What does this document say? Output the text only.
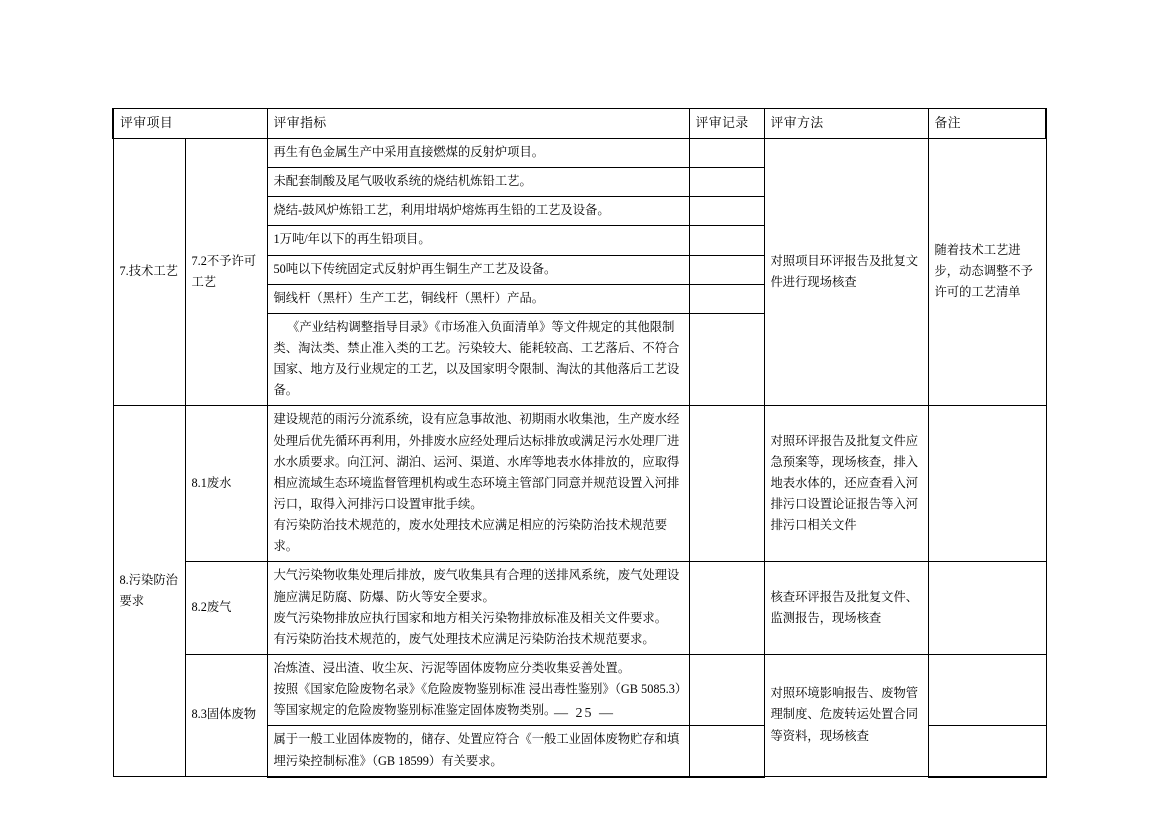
评审项目		评审指标	评审记录	评审方法	备注
7.技术工艺	7.2不予许可工艺	再生有色金属生产中采用直接燃煤的反射炉项目。		对照项目环评报告及批复文件进行现场核查	随着技术工艺进步，动态调整不予许可的工艺清单
		未配套制酸及尾气吸收系统的烧结机炼铅工艺。			
		烧结-鼓风炉炼铅工艺，利用坩埚炉熔炼再生铅的工艺及设备。			
		1万吨/年以下的再生铅项目。			
		50吨以下传统固定式反射炉再生铜生产工艺及设备。			
		铜线杆（黑杆）生产工艺，铜线杆（黑杆）产品。			

		《产业结构调整指导目录》《市场准入负面清单》等文件规定的其他限制类、淘汰类、禁止准入类的工艺。污染较大、能耗较高、工艺落后、不符合国家、地方及行业规定的工艺，以及国家明令限制、淘汰的其他落后工艺设备。			

8.污染防治要求	8.1废水	建设规范的雨污分流系统，设有应急事故池、初期雨水收集池，生产废水经处理后优先循环再利用，外排废水应经处理后达标排放或满足污水处理厂进水水质要求。向江河、湖泊、运河、渠道、水库等地表水体排放的，应取得相应流域生态环境监督管理机构或生态环境主管部门同意并规范设置入河排污口，取得入河排污口设置审批手续。

有污染防治技术规范的，废水处理技术应满足相应的污染防治技术规范要求。		对照环评报告及批复文件应急预案等，现场核查，排入地表水体的，还应查看入河排污口设置论证报告等入河排污口相关文件	
	8.2废气	大气污染物收集处理后排放，废气收集具有合理的送排风系统，废气处理设施应满足防腐、防爆、防火等安全要求。

废气污染物排放应执行国家和地方相关污染物排放标准及相关文件要求。

有污染防治技术规范的，废气处理技术应满足污染防治技术规范要求。		核查环评报告及批复文件、监测报告，现场核查	
	8.3固体废物	冶炼渣、浸出渣、收尘灰、污泥等固体废物应分类收集妥善处置。

按照《国家危险废物名录》《危险废物鉴别标准 浸出毒性鉴别》（GB 5085.3）等国家规定的危险废物鉴别标准鉴定固体废物类别。		对照环境影响报告、废物管理制度、危废转运处置合同等资料，现场核查	

		属于一般工业固体废物的，储存、处置应符合《一般工业固体废物贮存和填埋污染控制标准》（GB 18599）有关要求。			

— 25 —
